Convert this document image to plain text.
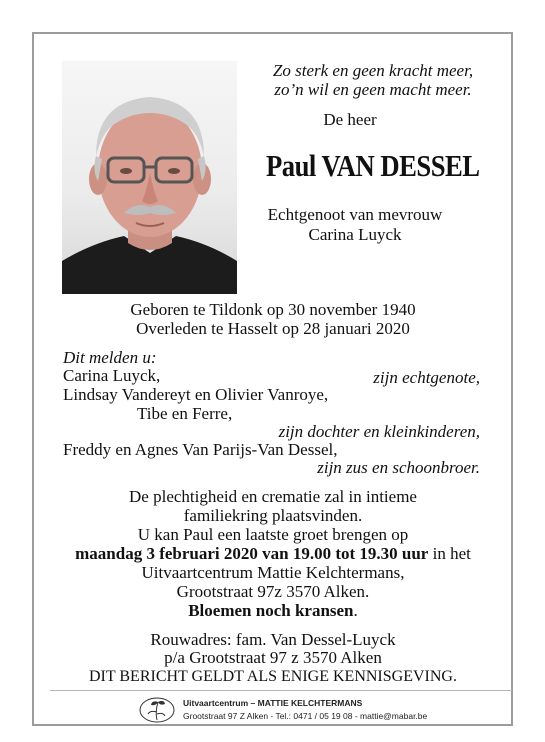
Zo sterk en geen kracht meer,
zo’n wil en geen macht meer.
De heer
Paul VAN DESSEL
Echtgenoot van mevrouw
Carina Luyck
Geboren te Tildonk op 30 november 1940
Overleden te Hasselt op 28 januari 2020
Dit melden u:
Carina Luyck,	zijn echtgenote,
Lindsay Vandereyt en Olivier Vanroye,
Tibe en Ferre,
zijn dochter en kleinkinderen,
Freddy en Agnes Van Parijs-Van Dessel,
zijn zus en schoonbroer.
De plechtigheid en crematie zal in intieme
familiekring plaatsvinden.
U kan Paul een laatste groet brengen op
maandag 3 februari 2020 van 19.00 tot 19.30 uur in het
Uitvaartcentrum Mattie Kelchtermans,
Grootstraat 97z 3570 Alken.
Bloemen noch kransen.
Rouwadres: fam. Van Dessel-Luyck
p/a Grootstraat 97 z 3570 Alken
DIT BERICHT GELDT ALS ENIGE KENNISGEVING.
Uitvaartcentrum – MATTIE KELCHTERMANS
Grootstraat 97 Z Alken - Tel.: 0471 / 05 19 08 - mattie@mabar.be
